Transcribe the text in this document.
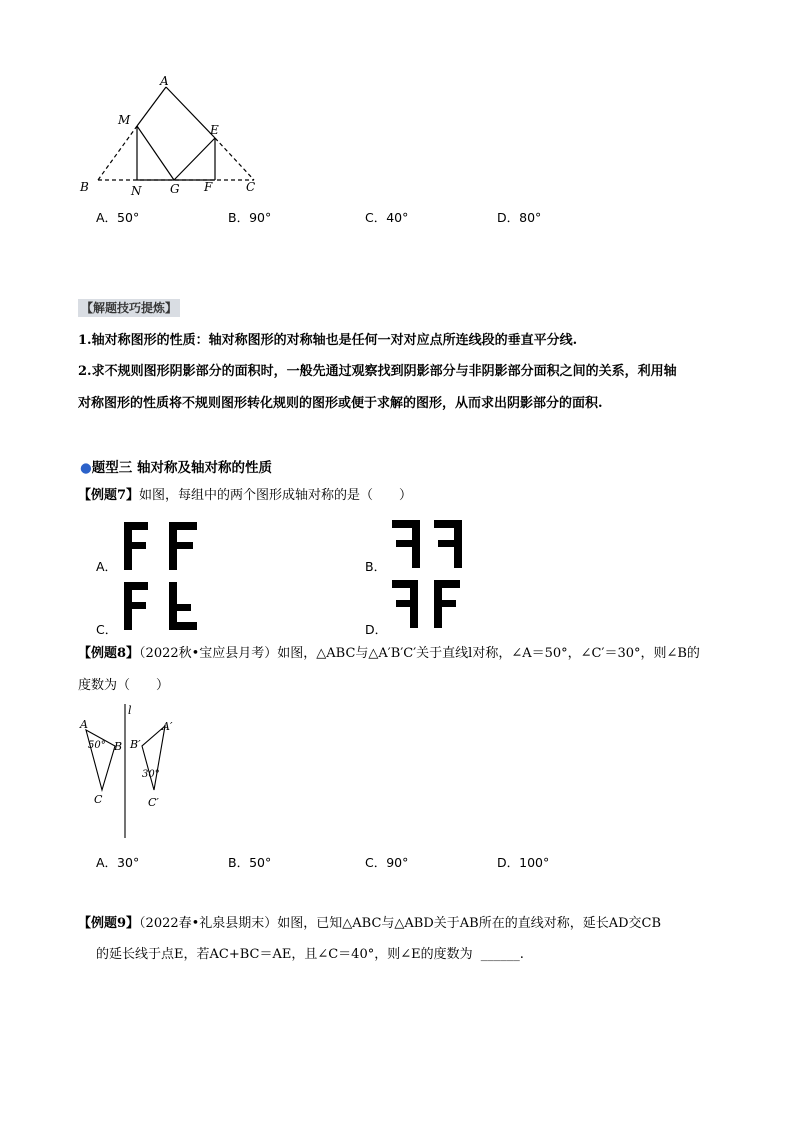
A
M
E
B	N G F	C
A．50°	B．90°	C．40°	D．80°
【解题技巧提炼】
1.轴对称图形的性质：轴对称图形的对称轴也是任何一对对应点所连线段的垂直平分线.
2.求不规则图形阴影部分的面积时，一般先通过观察找到阴影部分与非阴影部分面积之间的关系，利用轴
对称图形的性质将不规则图形转化规则的图形或便于求解的图形，从而求出阴影部分的面积.
●题型三 轴对称及轴对称的性质
【例题7】如图，每组中的两个图形成轴对称的是（　　）
A．	B．
C．	D．
【例题8】（2022秋•宝应县月考）如图，△ABC与△A′B′C′关于直线l对称，∠A＝50°，∠C′＝30°，则∠B的
度数为（　　）
l
A
50° B
C
A′
B′
30°
C′
A．30°	B．50°	C．90°	D．100°
【例题9】（2022春•礼泉县期末）如图，已知△ABC与△ABD关于AB所在的直线对称，延长AD交CB
的延长线于点E，若AC+BC＝AE，且∠C＝40°，则∠E的度数为 ______.
